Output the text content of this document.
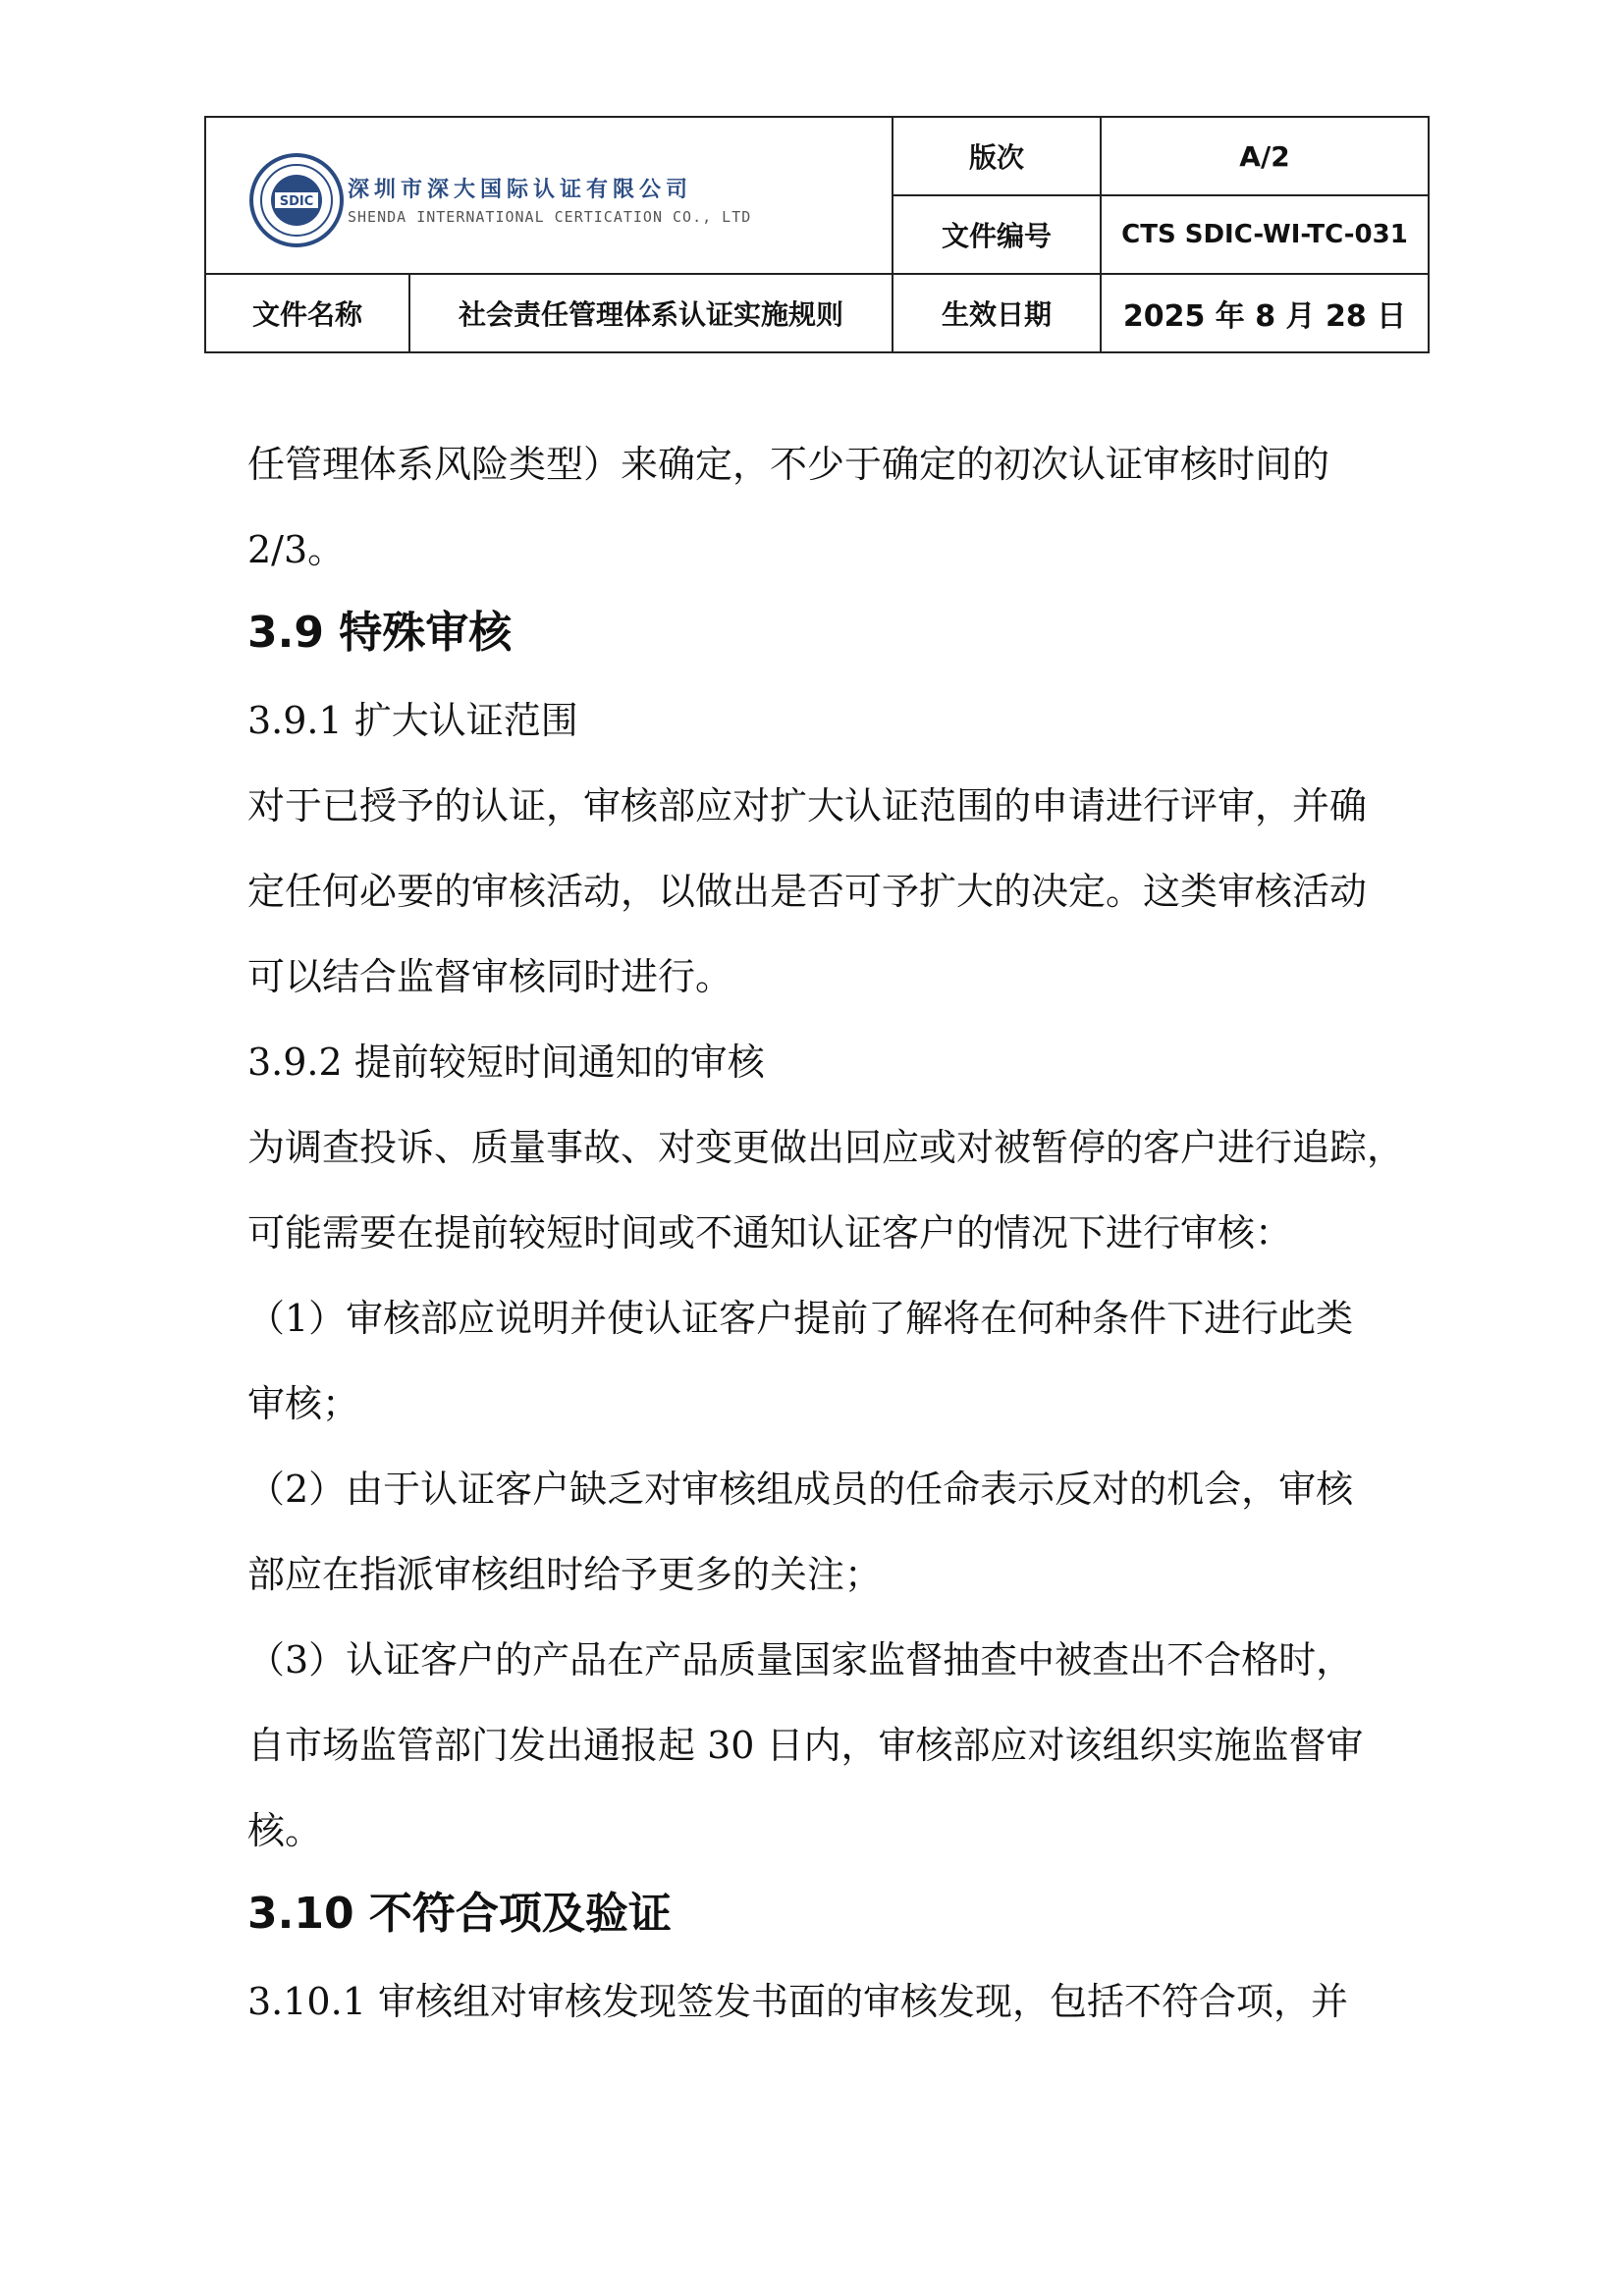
SDIC 深圳市深大国际认证有限公司
SHENDA INTERNATIONAL CERTICATION CO., LTD
版次	A/2
文件编号	CTS SDIC-WI-TC-031
文件名称	社会责任管理体系认证实施规则	生效日期	2025 年 8 月 28 日
任管理体系风险类型）来确定，不少于确定的初次认证审核时间的
2/3。
3.9 特殊审核
3.9.1 扩大认证范围
对于已授予的认证，审核部应对扩大认证范围的申请进行评审，并确
定任何必要的审核活动，以做出是否可予扩大的决定。这类审核活动
可以结合监督审核同时进行。
3.9.2 提前较短时间通知的审核
为调查投诉、质量事故、对变更做出回应或对被暂停的客户进行追踪，
可能需要在提前较短时间或不通知认证客户的情况下进行审核：
（1）审核部应说明并使认证客户提前了解将在何种条件下进行此类
审核；
（2）由于认证客户缺乏对审核组成员的任命表示反对的机会，审核
部应在指派审核组时给予更多的关注；
（3）认证客户的产品在产品质量国家监督抽查中被查出不合格时，
自市场监管部门发出通报起 30 日内，审核部应对该组织实施监督审
核。
3.10 不符合项及验证
3.10.1 审核组对审核发现签发书面的审核发现，包括不符合项，并
